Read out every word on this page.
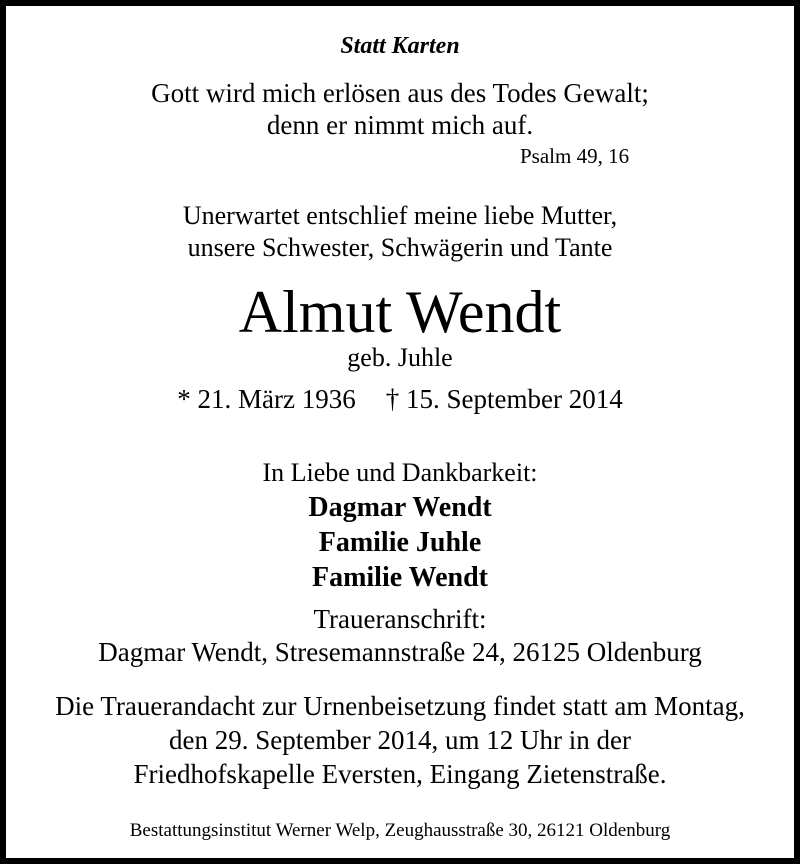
Statt Karten
Gott wird mich erlösen aus des Todes Gewalt;
denn er nimmt mich auf.
Psalm 49, 16
Unerwartet entschlief meine liebe Mutter,
unsere Schwester, Schwägerin und Tante
Almut Wendt
geb. Juhle
* 21. März 1936 † 15. September 2014
In Liebe und Dankbarkeit:
Dagmar Wendt
Familie Juhle
Familie Wendt
Traueranschrift:
Dagmar Wendt, Stresemannstraße 24, 26125 Oldenburg
Die Trauerandacht zur Urnenbeisetzung findet statt am Montag,
den 29. September 2014, um 12 Uhr in der
Friedhofskapelle Eversten, Eingang Zietenstraße.
Bestattungsinstitut Werner Welp, Zeughausstraße 30, 26121 Oldenburg
